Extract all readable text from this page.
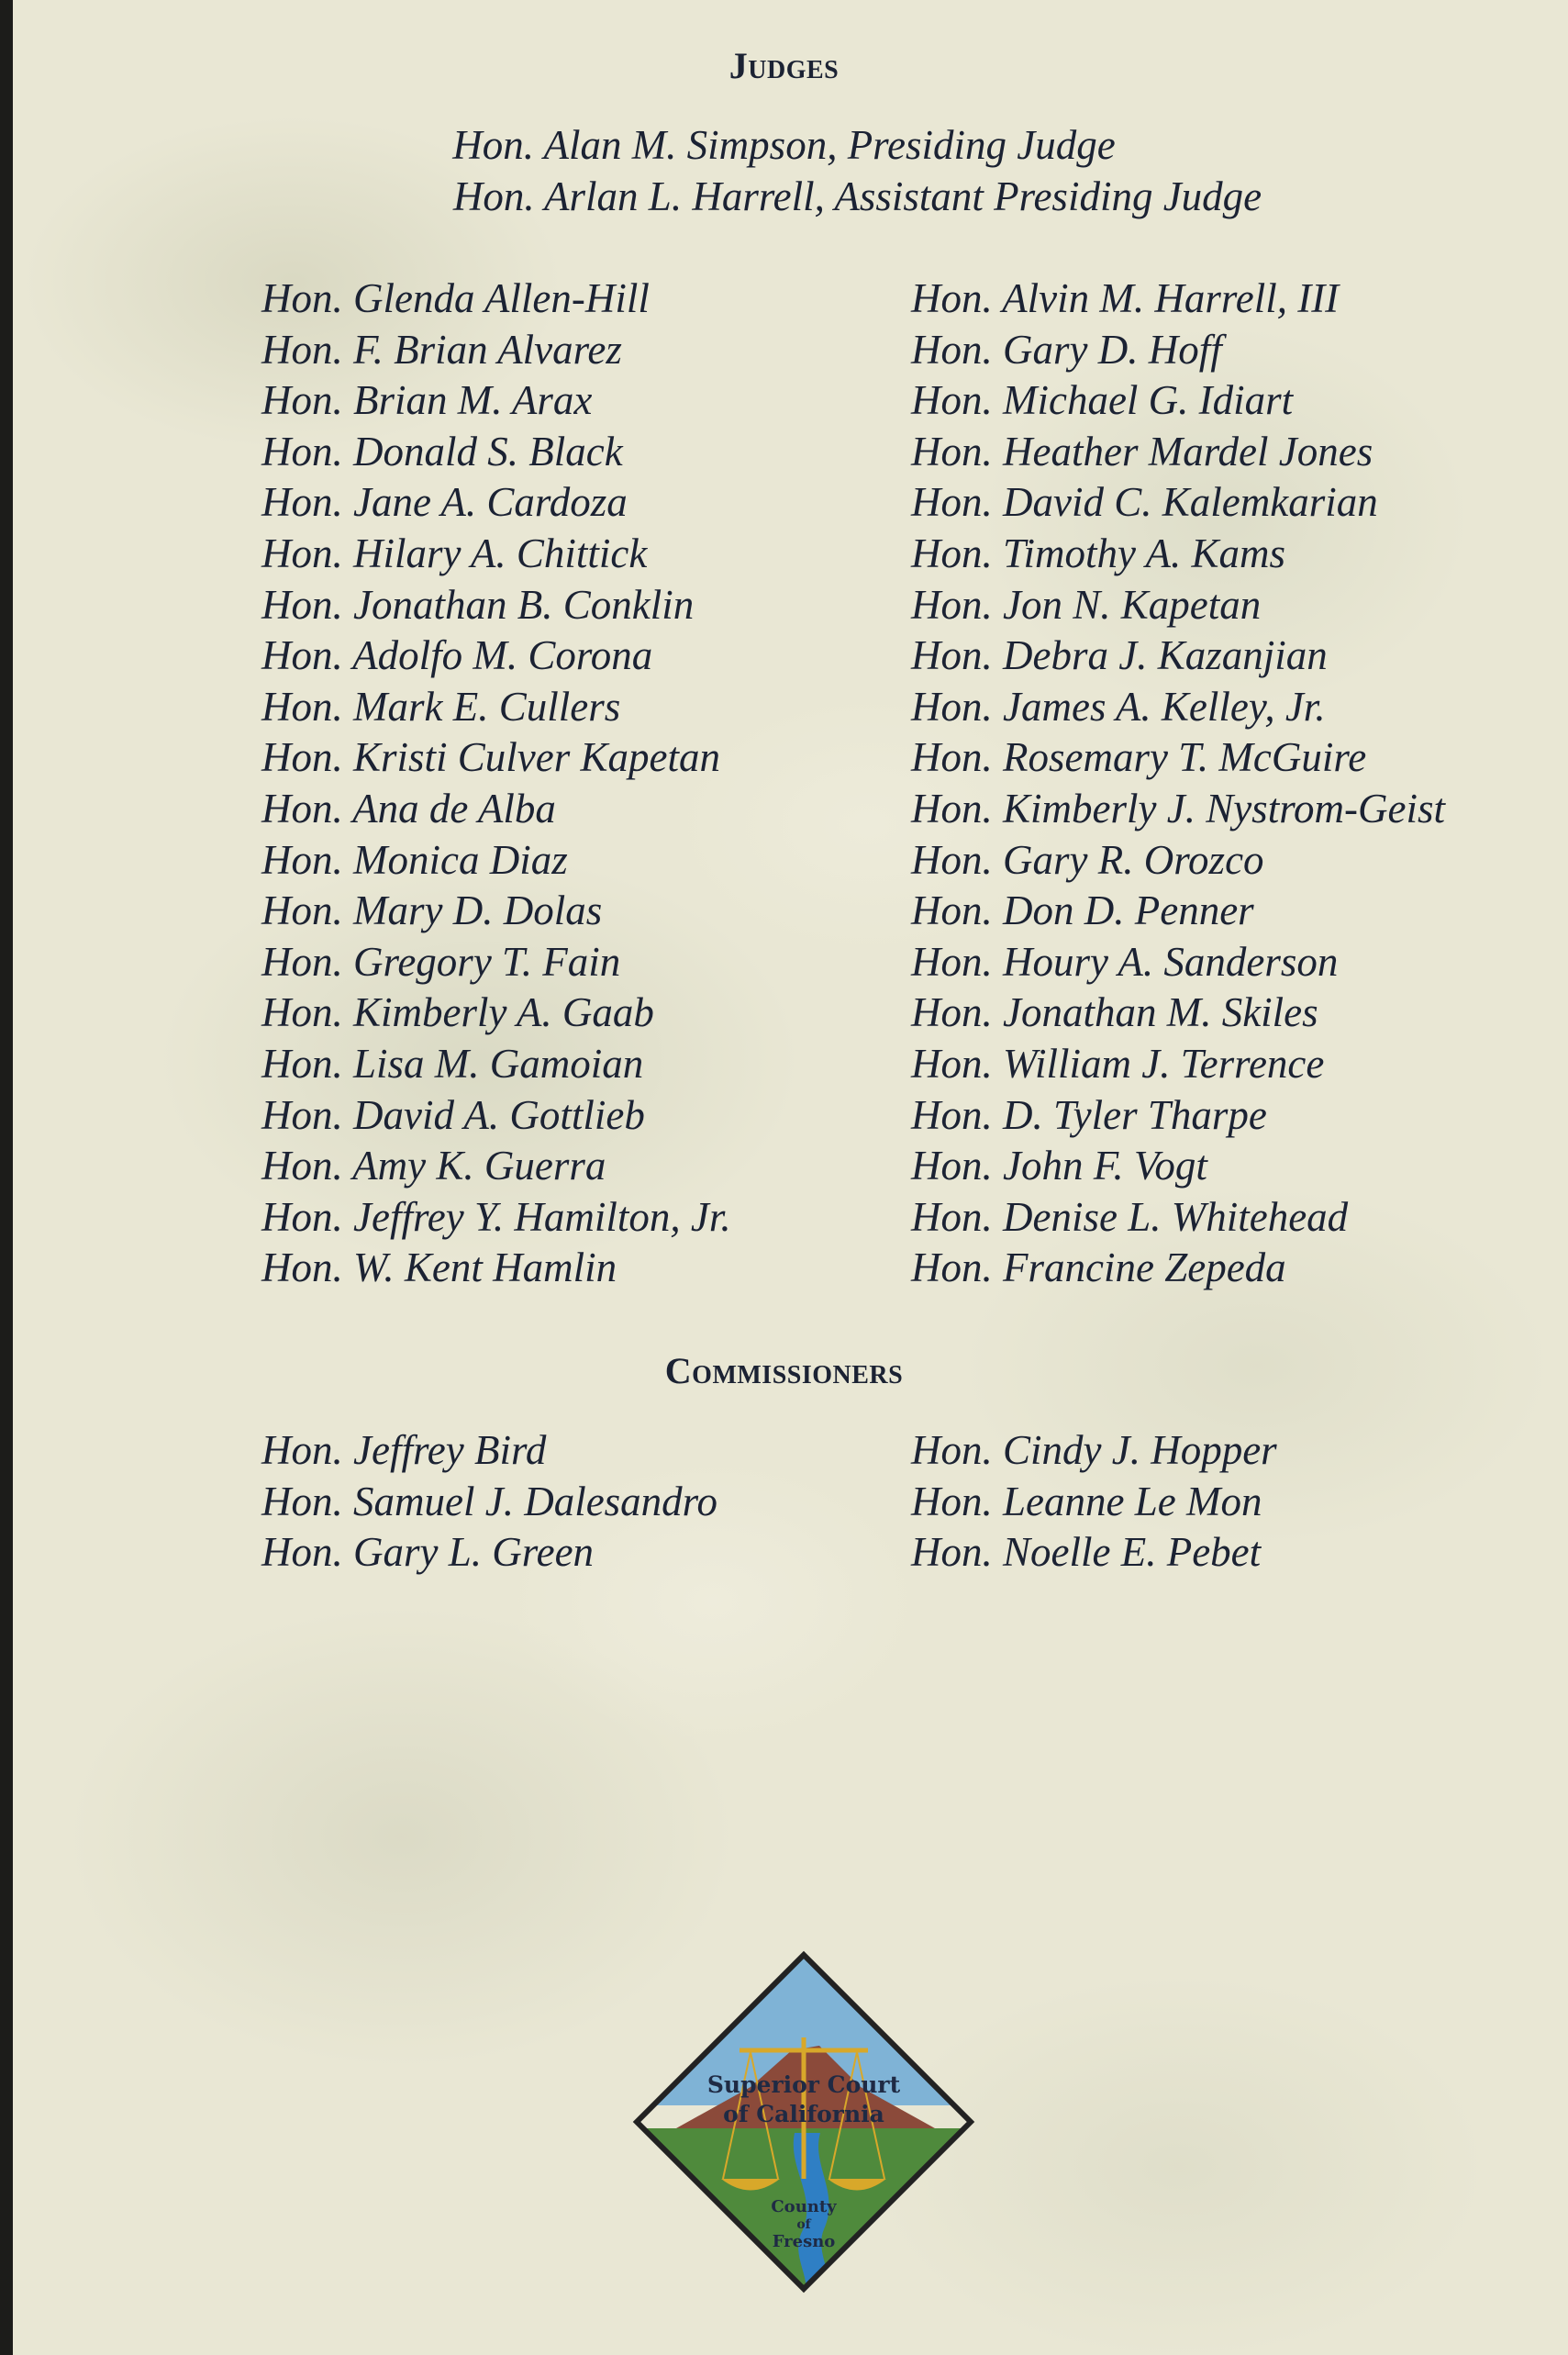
Judges
Hon. Alan M. Simpson, Presiding Judge
Hon. Arlan L. Harrell, Assistant Presiding Judge
Hon. Glenda Allen-Hill
Hon. F. Brian Alvarez
Hon. Brian M. Arax
Hon. Donald S. Black
Hon. Jane A. Cardoza
Hon. Hilary A. Chittick
Hon. Jonathan B. Conklin
Hon. Adolfo M. Corona
Hon. Mark E. Cullers
Hon. Kristi Culver Kapetan
Hon. Ana de Alba
Hon. Monica Diaz
Hon. Mary D. Dolas
Hon. Gregory T. Fain
Hon. Kimberly A. Gaab
Hon. Lisa M. Gamoian
Hon. David A. Gottlieb
Hon. Amy K. Guerra
Hon. Jeffrey Y. Hamilton, Jr.
Hon. W. Kent Hamlin
Hon. Alvin M. Harrell, III
Hon. Gary D. Hoff
Hon. Michael G. Idiart
Hon. Heather Mardel Jones
Hon. David C. Kalemkarian
Hon. Timothy A. Kams
Hon. Jon N. Kapetan
Hon. Debra J. Kazanjian
Hon. James A. Kelley, Jr.
Hon. Rosemary T. McGuire
Hon. Kimberly J. Nystrom-Geist
Hon. Gary R. Orozco
Hon. Don D. Penner
Hon. Houry A. Sanderson
Hon. Jonathan M. Skiles
Hon. William J. Terrence
Hon. D. Tyler Tharpe
Hon. John F. Vogt
Hon. Denise L. Whitehead
Hon. Francine Zepeda
Commissioners
Hon. Jeffrey Bird
Hon. Samuel J. Dalesandro
Hon. Gary L. Green
Hon. Cindy J. Hopper
Hon. Leanne Le Mon
Hon. Noelle E. Pebet
Superior Court
of California
County
of
Fresno
